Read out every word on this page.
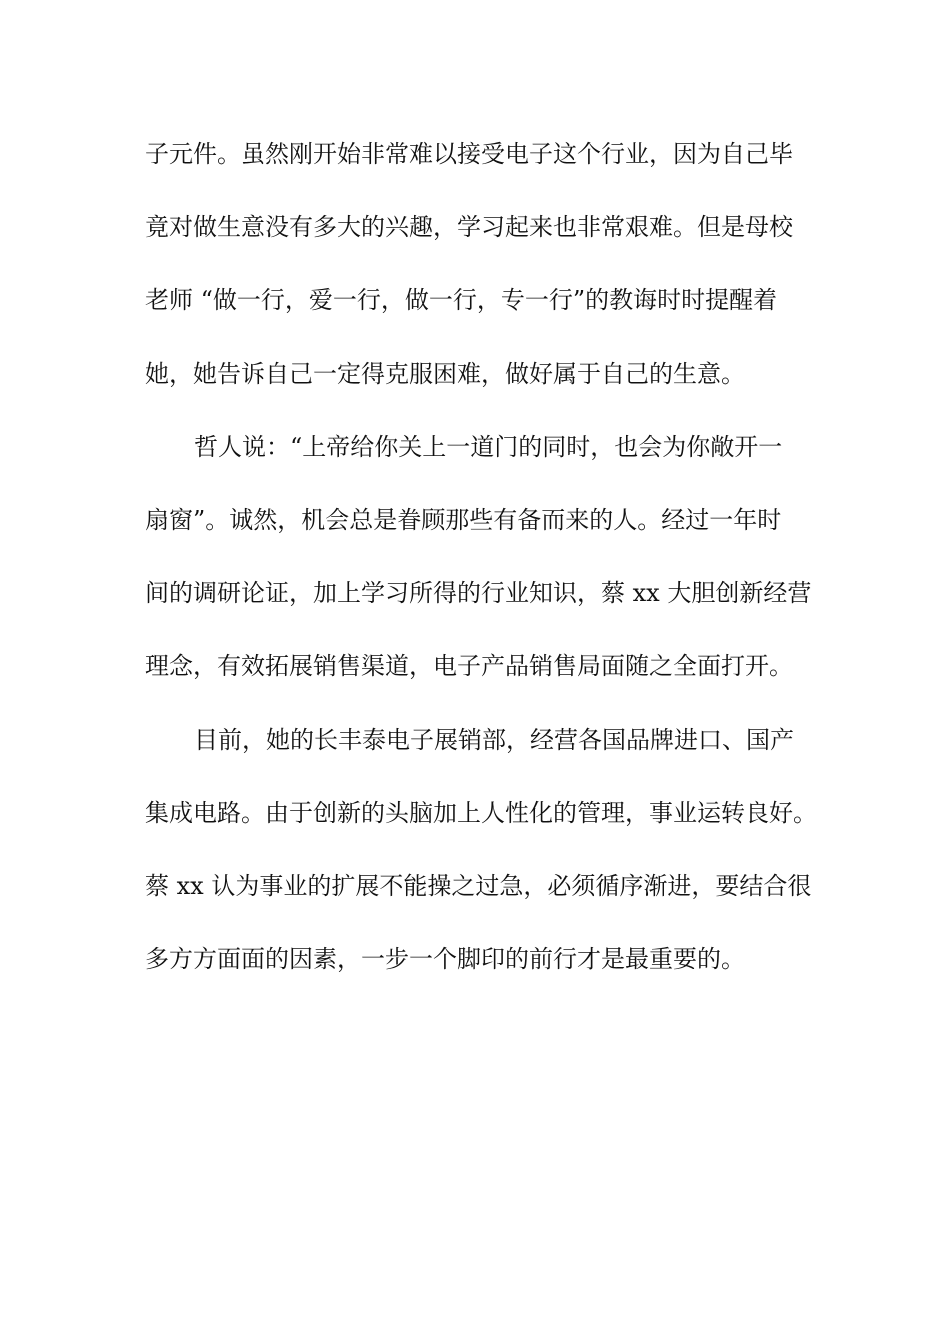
子元件。虽然刚开始非常难以接受电子这个行业，因为自己毕
竟对做生意没有多大的兴趣，学习起来也非常艰难。但是母校
老师 “做一行，爱一行，做一行，专一行”的教诲时时提醒着
她，她告诉自己一定得克服困难，做好属于自己的生意。
哲人说：“上帝给你关上一道门的同时，也会为你敞开一
扇窗”。诚然，机会总是眷顾那些有备而来的人。经过一年时
间的调研论证，加上学习所得的行业知识，蔡 xx 大胆创新经营
理念，有效拓展销售渠道，电子产品销售局面随之全面打开。
目前，她的长丰泰电子展销部，经营各国品牌进口、国产
集成电路。由于创新的头脑加上人性化的管理，事业运转良好。
蔡 xx 认为事业的扩展不能操之过急，必须循序渐进，要结合很
多方方面面的因素，一步一个脚印的前行才是最重要的。
